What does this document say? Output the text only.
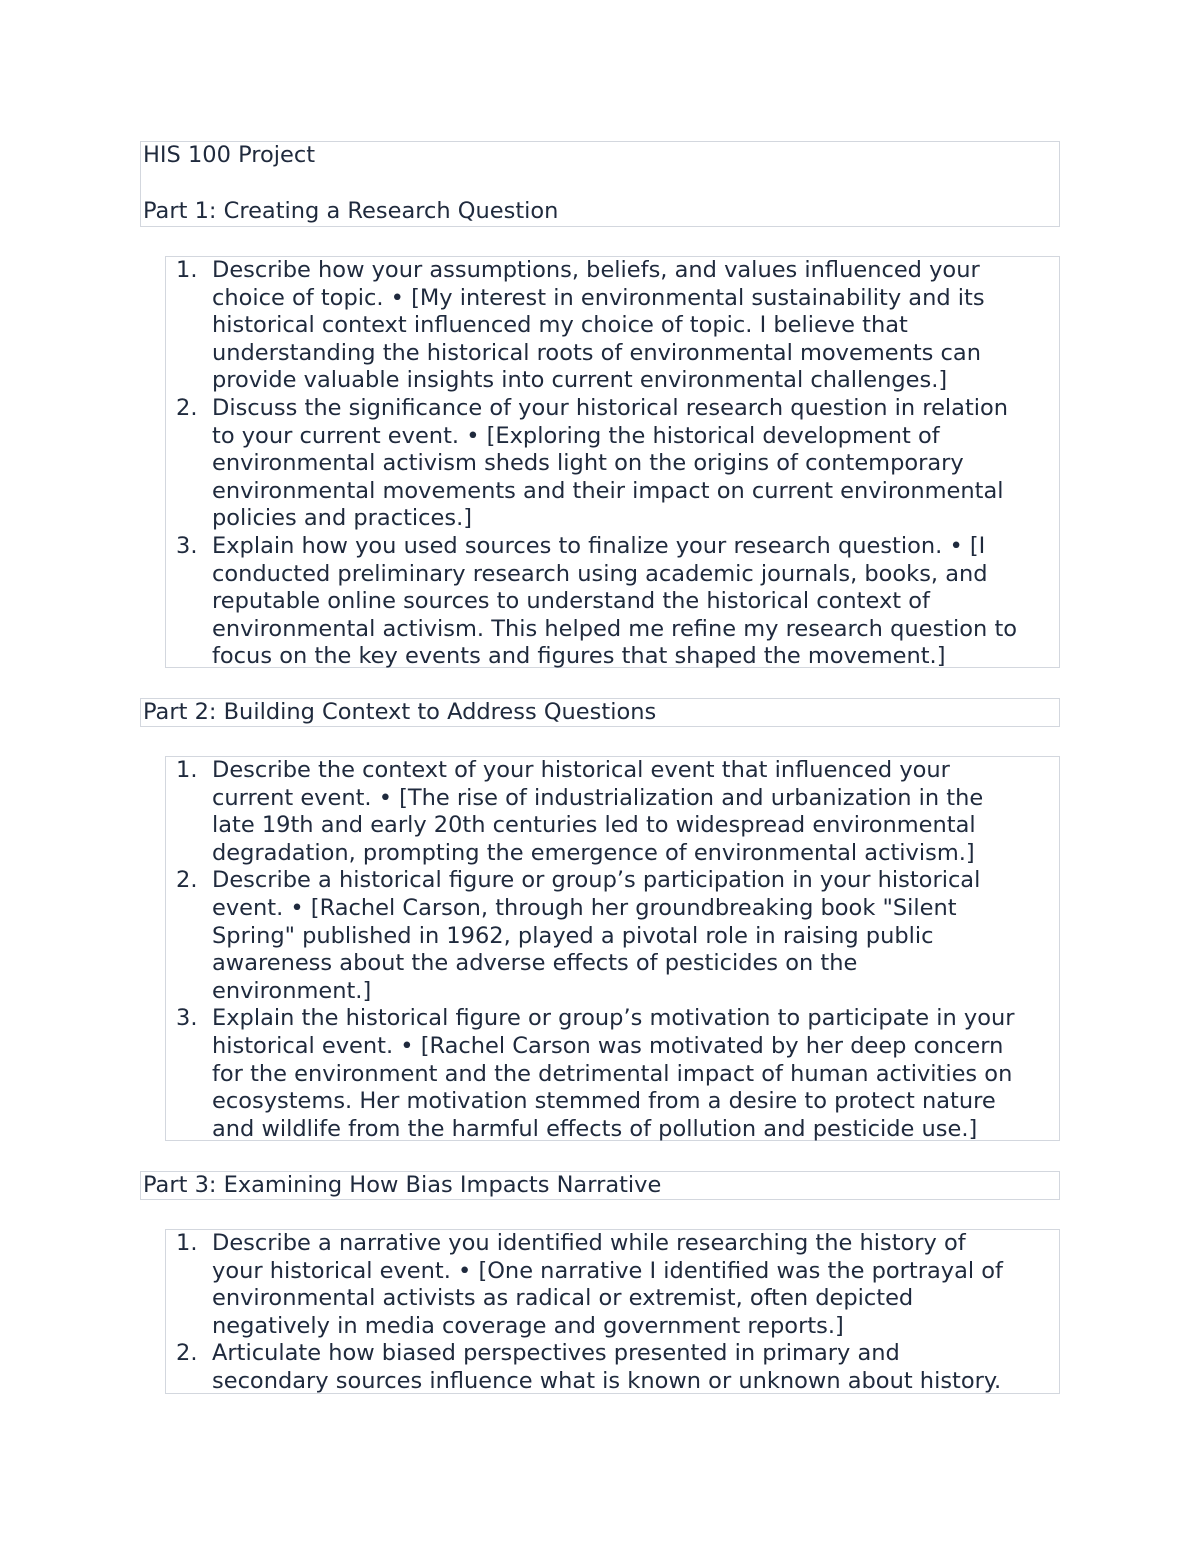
HIS 100 Project

Part 1: Creating a Research Question

1. Describe how your assumptions, beliefs, and values influenced your
choice of topic. • [My interest in environmental sustainability and its
historical context influenced my choice of topic. I believe that
understanding the historical roots of environmental movements can
provide valuable insights into current environmental challenges.]
2. Discuss the significance of your historical research question in relation
to your current event. • [Exploring the historical development of
environmental activism sheds light on the origins of contemporary
environmental movements and their impact on current environmental
policies and practices.]
3. Explain how you used sources to finalize your research question. • [I
conducted preliminary research using academic journals, books, and
reputable online sources to understand the historical context of
environmental activism. This helped me refine my research question to
focus on the key events and figures that shaped the movement.]

Part 2: Building Context to Address Questions

1. Describe the context of your historical event that influenced your
current event. • [The rise of industrialization and urbanization in the
late 19th and early 20th centuries led to widespread environmental
degradation, prompting the emergence of environmental activism.]
2. Describe a historical figure or group’s participation in your historical
event. • [Rachel Carson, through her groundbreaking book "Silent
Spring" published in 1962, played a pivotal role in raising public
awareness about the adverse effects of pesticides on the
environment.]
3. Explain the historical figure or group’s motivation to participate in your
historical event. • [Rachel Carson was motivated by her deep concern
for the environment and the detrimental impact of human activities on
ecosystems. Her motivation stemmed from a desire to protect nature
and wildlife from the harmful effects of pollution and pesticide use.]

Part 3: Examining How Bias Impacts Narrative

1. Describe a narrative you identified while researching the history of
your historical event. • [One narrative I identified was the portrayal of
environmental activists as radical or extremist, often depicted
negatively in media coverage and government reports.]
2. Articulate how biased perspectives presented in primary and
secondary sources influence what is known or unknown about history.
